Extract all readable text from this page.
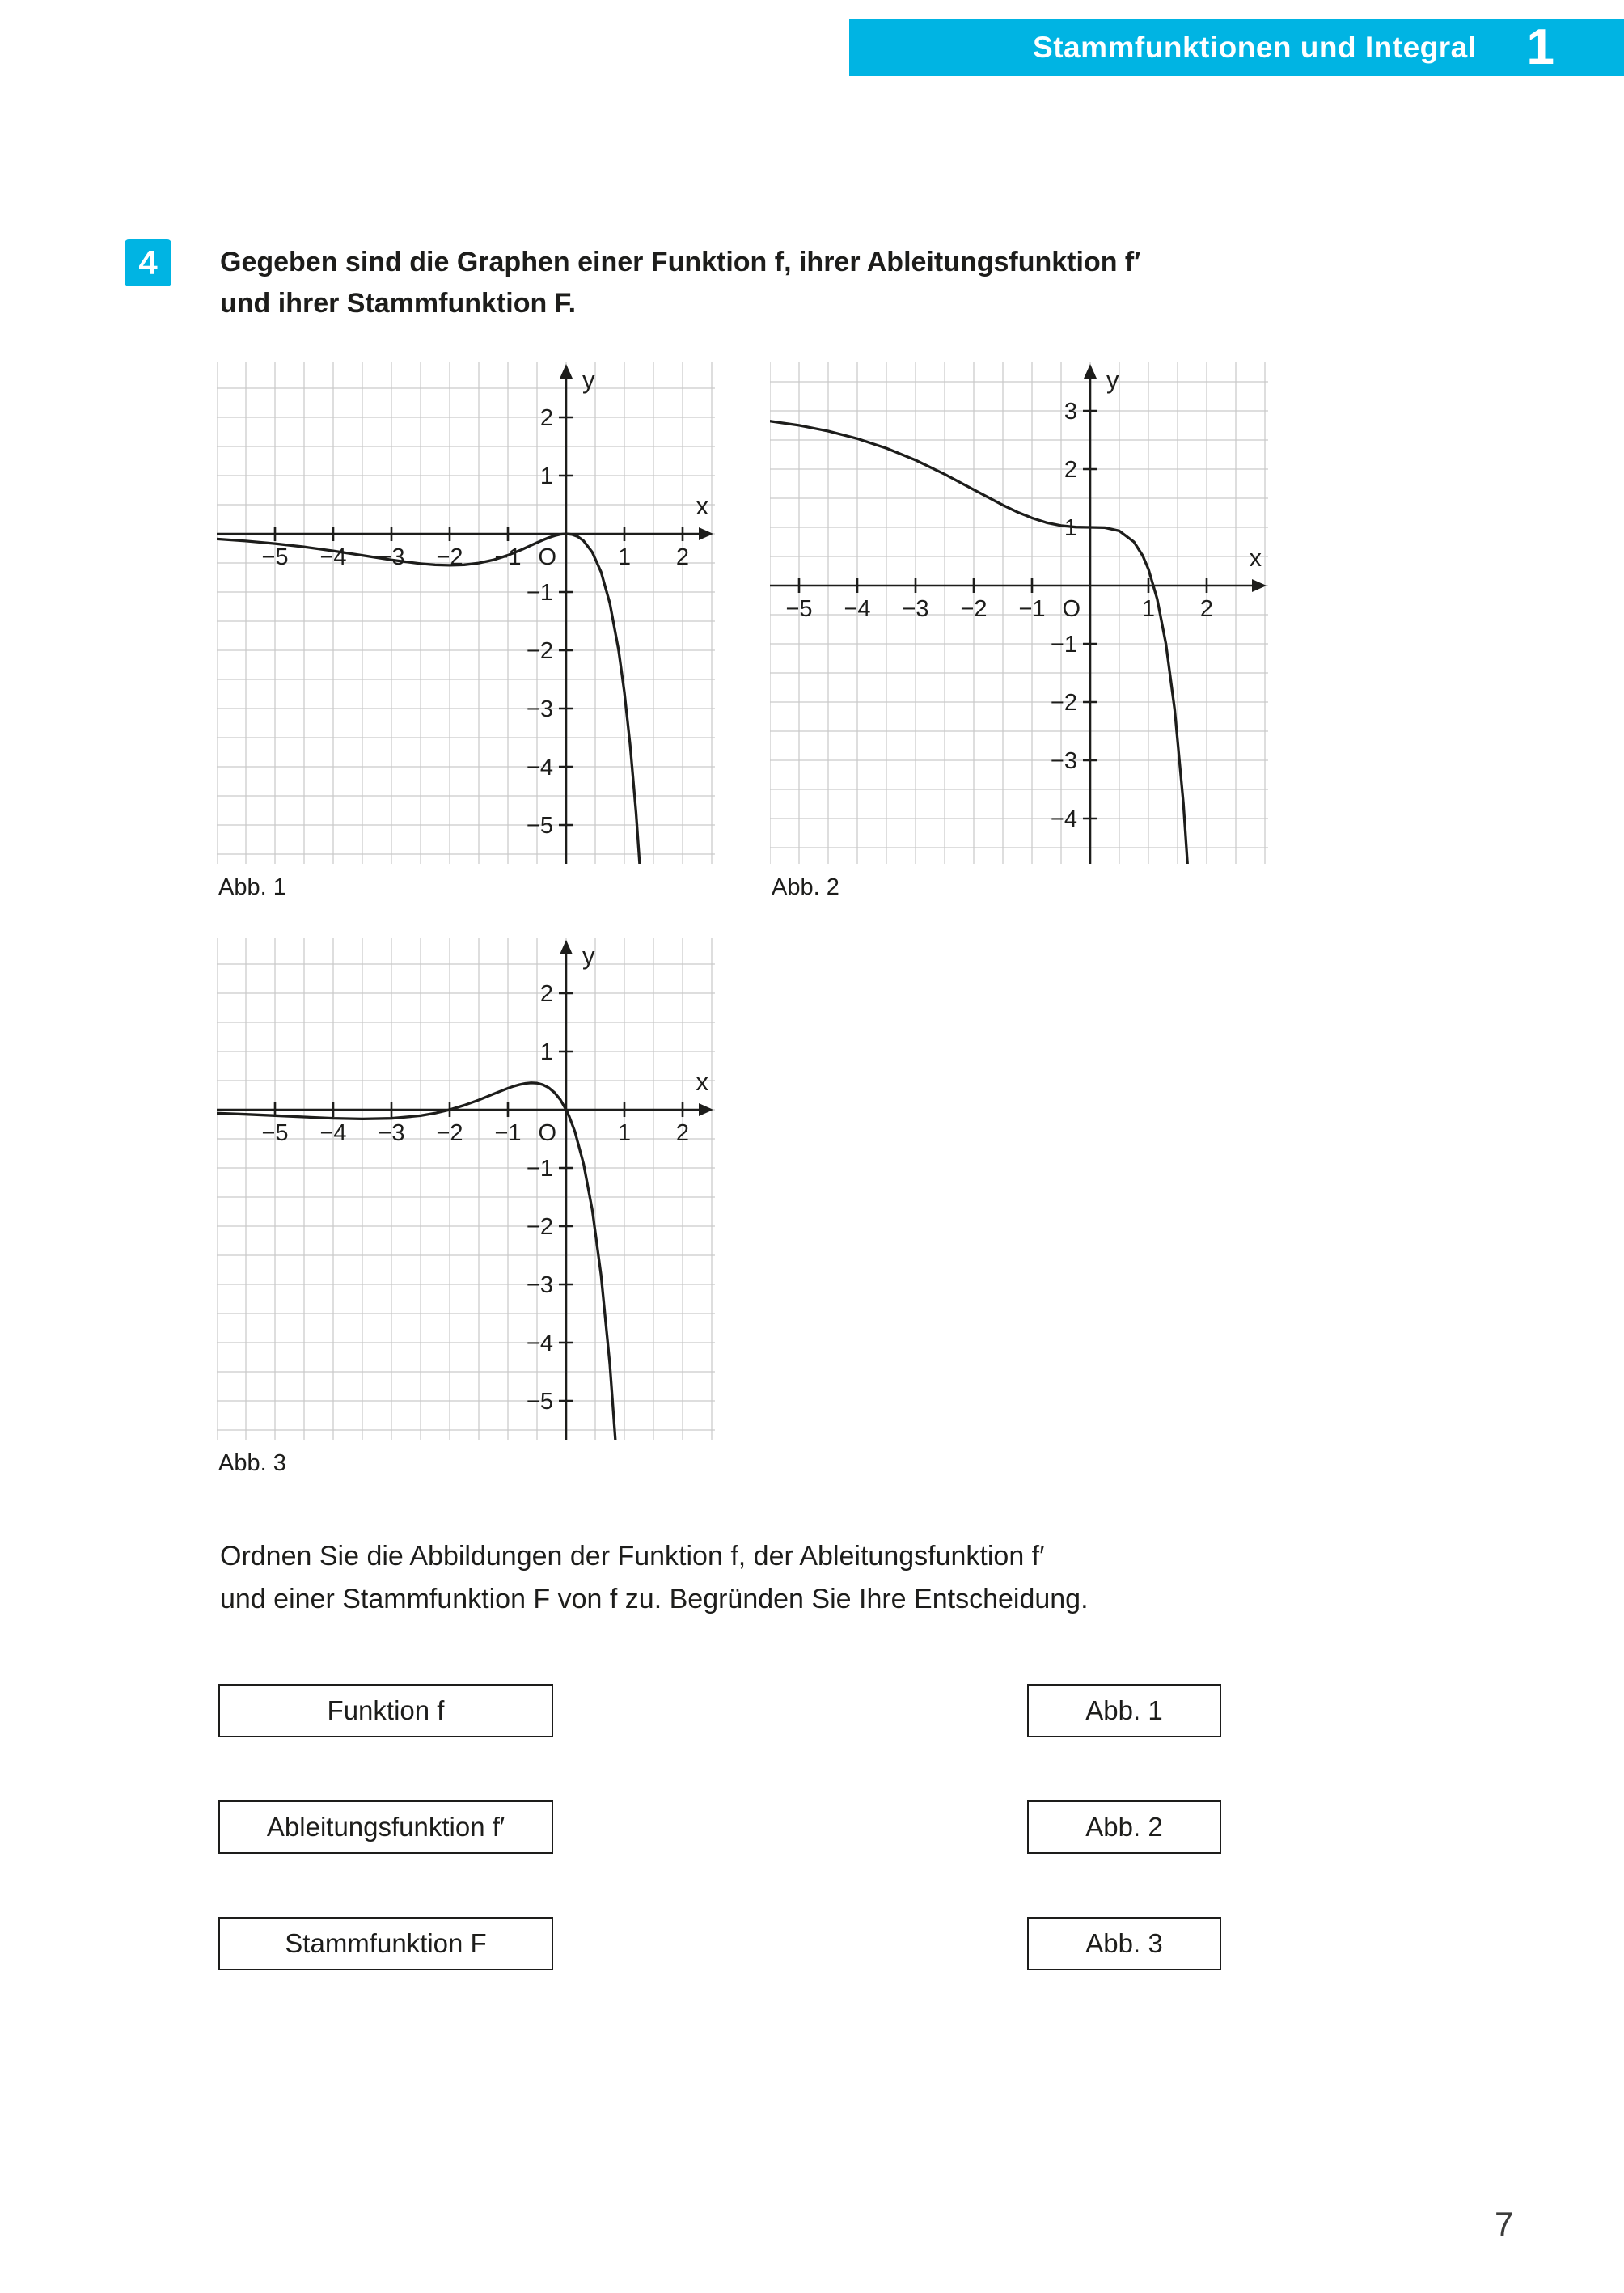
Stammfunktionen und Integral 1
4	Gegeben sind die Graphen einer Funktion f, ihrer Ableitungsfunktion f′
und ihrer Stammfunktion F.

−5 −4 −3 −2 −1	1 2
2
1
−1
−2
−3
−4
−5
O
x
y
Abb. 1
−5 −4 −3 −2 −1	1 2
3
2
1
−1
−2
−3
−4
O
x
y
Abb. 2
−5 −4 −3 −2 −1	1 2
2
1
−1
−2
−3
−4
−5
O
x
y
Abb. 3

Ordnen Sie die Abbildungen der Funktion f, der Ableitungsfunktion f′
und einer Stammfunktion F von f zu. Begründen Sie Ihre Entscheidung.

Funktion f
Ableitungsfunktion f′
Stammfunktion F
Abb. 1
Abb. 2
Abb. 3
7
